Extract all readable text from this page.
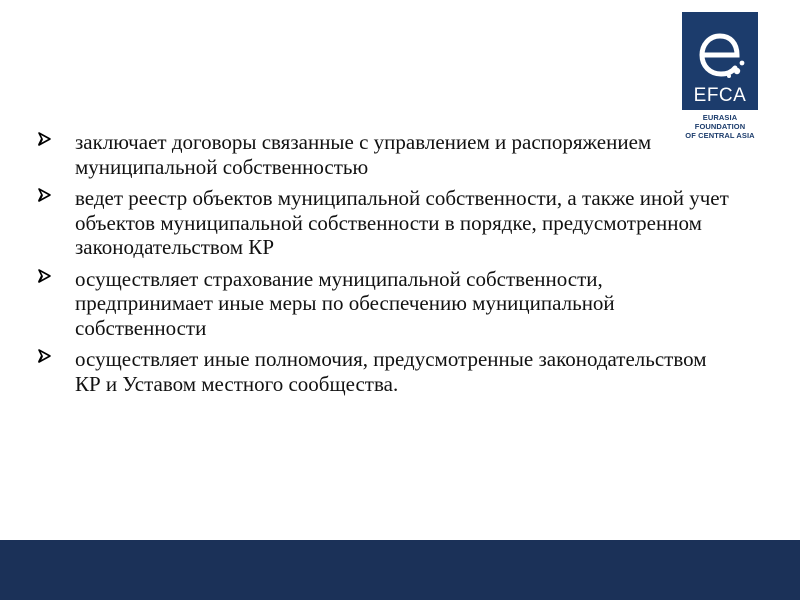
EFCA
EURASIA FOUNDATION
OF CENTRAL ASIA
заключает договоры связанные с управлением и распоряжением муниципальной собственностью
ведет реестр объектов муниципальной собственности, а также иной учет объектов муниципальной собственности в порядке, предусмотренном законодательством КР
осуществляет страхование муниципальной собственности, предпринимает иные меры по обеспечению муниципальной собственности
осуществляет иные полномочия, предусмотренные законодательством КР и Уставом местного сообщества.
